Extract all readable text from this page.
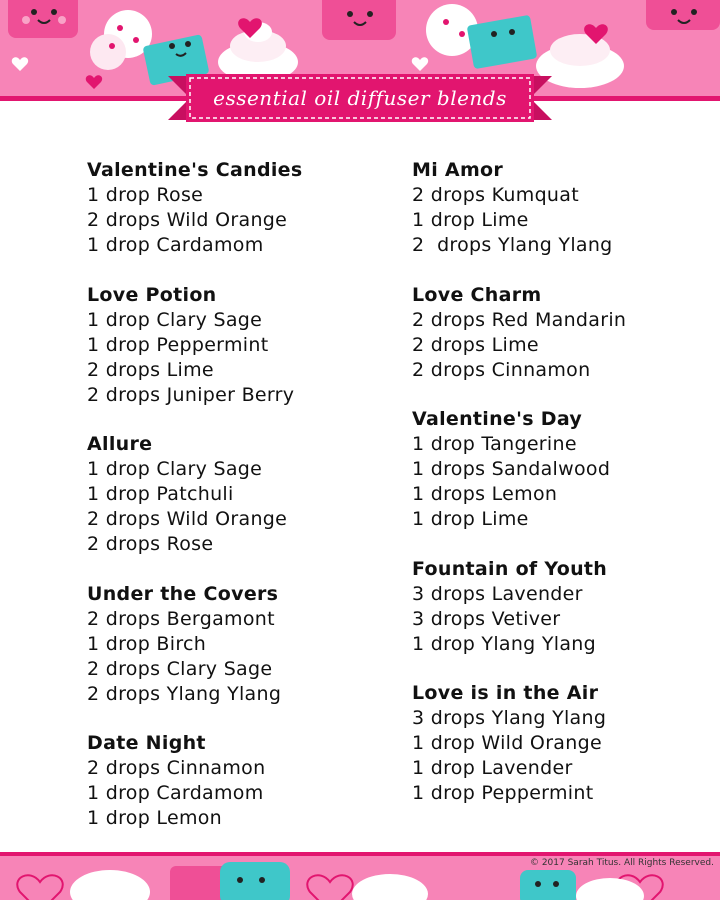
essential oil diffuser blends
Valentine's Candies
1 drop Rose
2 drops Wild Orange
1 drop Cardamom
Love Potion
1 drop Clary Sage
1 drop Peppermint
2 drops Lime
2 drops Juniper Berry
Allure
1 drop Clary Sage
1 drop Patchuli
2 drops Wild Orange
2 drops Rose
Under the Covers
2 drops Bergamont
1 drop Birch
2 drops Clary Sage
2 drops Ylang Ylang
Date Night
2 drops Cinnamon
1 drop Cardamom
1 drop Lemon
Mi Amor
2 drops Kumquat
1 drop Lime
2  drops Ylang Ylang
Love Charm
2 drops Red Mandarin
2 drops Lime
2 drops Cinnamon
Valentine's Day
1 drop Tangerine
1 drops Sandalwood
1 drops Lemon
1 drop Lime
Fountain of Youth
3 drops Lavender
3 drops Vetiver
1 drop Ylang Ylang
Love is in the Air
3 drops Ylang Ylang
1 drop Wild Orange
1 drop Lavender
1 drop Peppermint
© 2017 Sarah Titus. All Rights Reserved.
